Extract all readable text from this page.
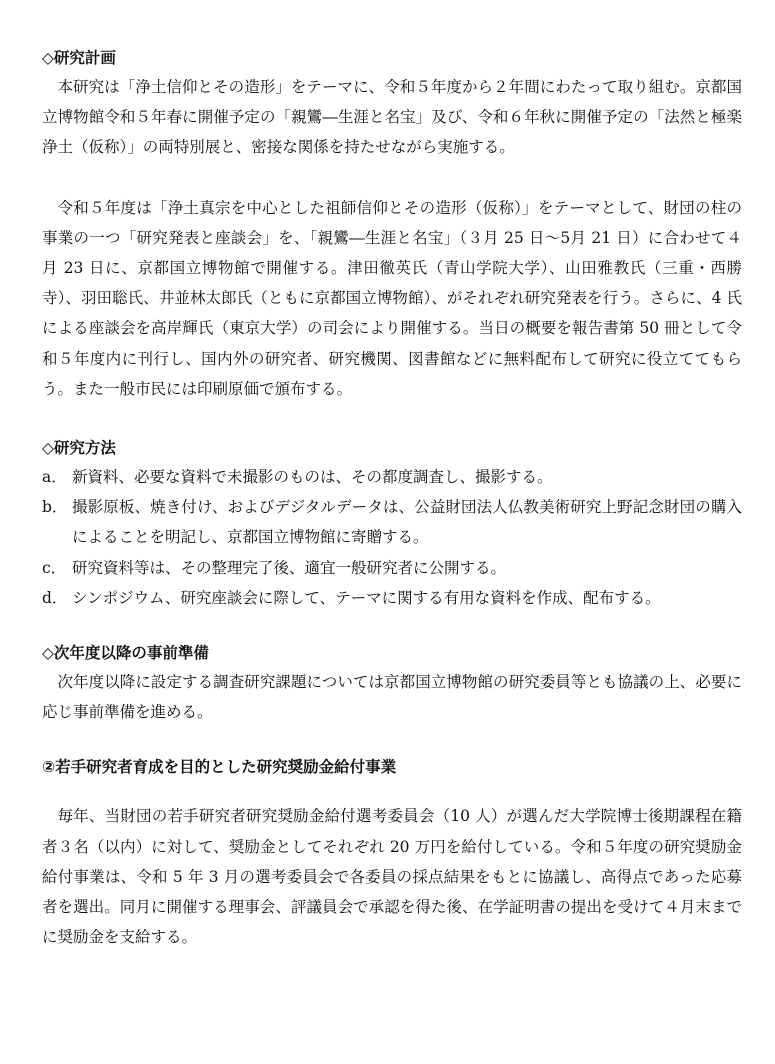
◇研究計画

本研究は「浄土信仰とその造形」をテーマに、令和５年度から２年間にわたって取り組む。京都国立博物館令和５年春に開催予定の「親鸞―生涯と名宝」及び、令和６年秋に開催予定の「法然と極楽浄土（仮称）」の両特別展と、密接な関係を持たせながら実施する。

令和５年度は「浄土真宗を中心とした祖師信仰とその造形（仮称）」をテーマとして、財団の柱の事業の一つ「研究発表と座談会」を、「親鸞―生涯と名宝」（３月 25 日～5月 21 日）に合わせて４月 23 日に、京都国立博物館で開催する。津田徹英氏（青山学院大学）、山田雅教氏（三重・西勝寺）、羽田聡氏、井並林太郎氏（ともに京都国立博物館）、がそれぞれ研究発表を行う。さらに、4 氏による座談会を高岸輝氏（東京大学）の司会により開催する。当日の概要を報告書第 50 冊として令和５年度内に刊行し、国内外の研究者、研究機関、図書館などに無料配布して研究に役立ててもらう。また一般市民には印刷原価で頒布する。

◇研究方法
a． 新資料、必要な資料で未撮影のものは、その都度調査し、撮影する。
b． 撮影原板、焼き付け、およびデジタルデータは、公益財団法人仏教美術研究上野記念財団の購入によることを明記し、京都国立博物館に寄贈する。
c． 研究資料等は、その整理完了後、適宜一般研究者に公開する。
d． シンポジウム、研究座談会に際して、テーマに関する有用な資料を作成、配布する。
◇次年度以降の事前準備

次年度以降に設定する調査研究課題については京都国立博物館の研究委員等とも協議の上、必要に応じ事前準備を進める。

②若手研究者育成を目的とした研究奨励金給付事業

毎年、当財団の若手研究者研究奨励金給付選考委員会（10 人）が選んだ大学院博士後期課程在籍者３名（以内）に対して、奨励金としてそれぞれ 20 万円を給付している。令和５年度の研究奨励金給付事業は、令和 5 年 3 月の選考委員会で各委員の採点結果をもとに協議し、高得点であった応募者を選出。同月に開催する理事会、評議員会で承認を得た後、在学証明書の提出を受けて４月末までに奨励金を支給する。
